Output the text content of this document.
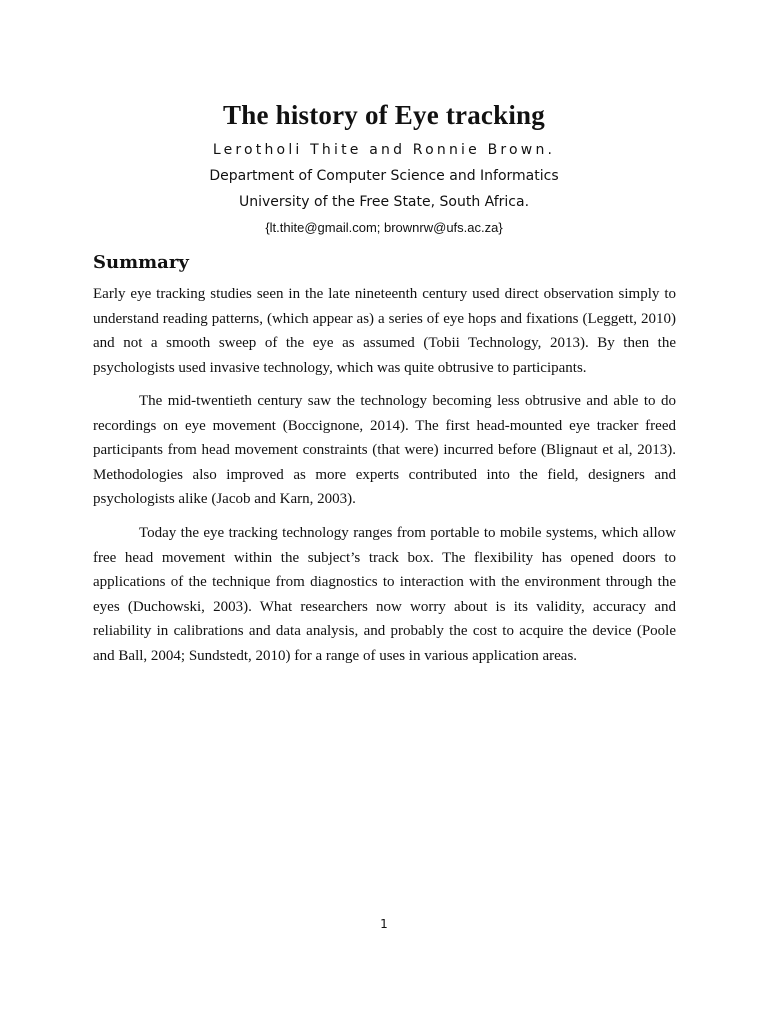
The history of Eye tracking
Lerotholi Thite and Ronnie Brown.
Department of Computer Science and Informatics
University of the Free State, South Africa.
{lt.thite@gmail.com; brownrw@ufs.ac.za}
Summary

Early eye tracking studies seen in the late nineteenth century used direct observation simply to understand reading patterns, (which appear as) a series of eye hops and fixations (Leggett, 2010) and not a smooth sweep of the eye as assumed (Tobii Technology, 2013). By then the psychologists used invasive technology, which was quite obtrusive to participants.

The mid-twentieth century saw the technology becoming less obtrusive and able to do recordings on eye movement (Boccignone, 2014). The first head-mounted eye tracker freed participants from head movement constraints (that were) incurred before (Blignaut et al, 2013). Methodologies also improved as more experts contributed into the field, designers and psychologists alike (Jacob and Karn, 2003).

Today the eye tracking technology ranges from portable to mobile systems, which allow free head movement within the subject’s track box. The flexibility has opened doors to applications of the technique from diagnostics to interaction with the environment through the eyes (Duchowski, 2003). What researchers now worry about is its validity, accuracy and reliability in calibrations and data analysis, and probably the cost to acquire the device (Poole and Ball, 2004; Sundstedt, 2010) for a range of uses in various application areas.

1
